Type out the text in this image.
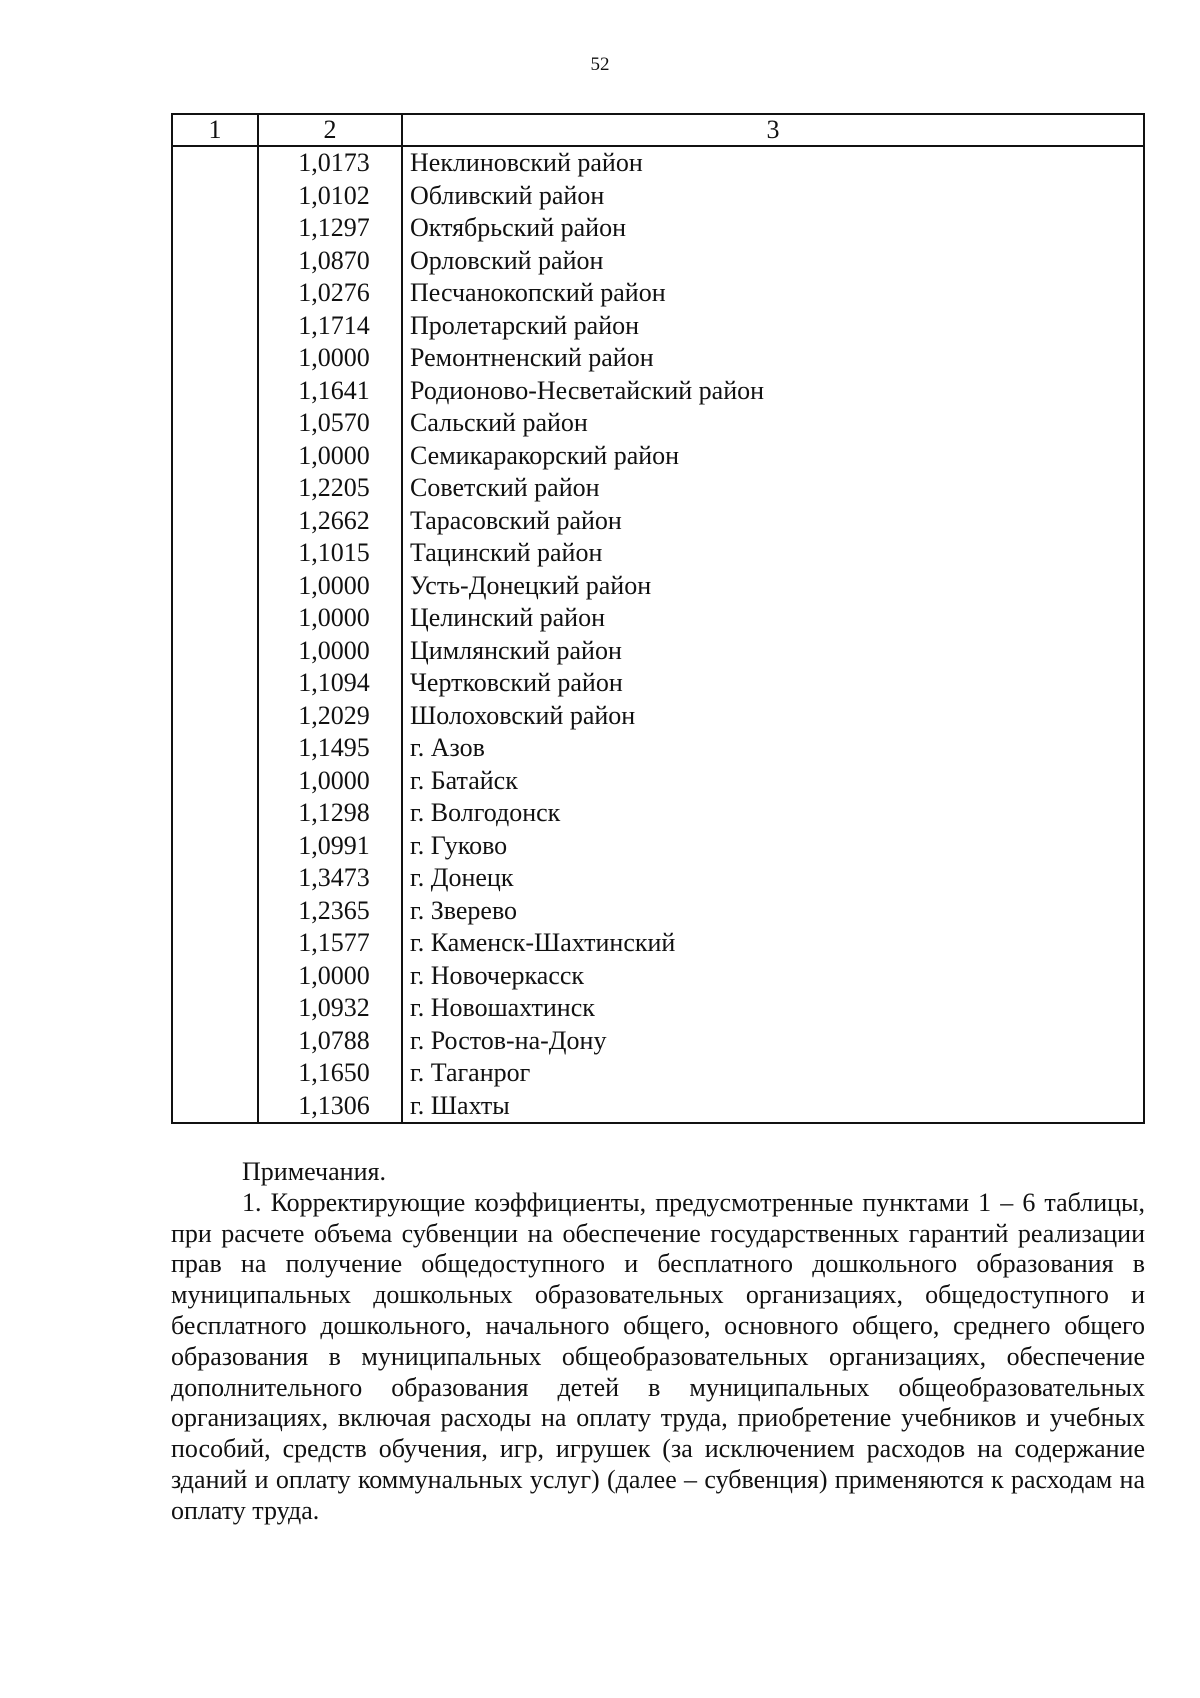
52
1	2	3
	1,0173	Неклиновский район
	1,0102	Обливский район
	1,1297	Октябрьский район
	1,0870	Орловский район
	1,0276	Песчанокопский район
	1,1714	Пролетарский район
	1,0000	Ремонтненский район
	1,1641	Родионово-Несветайский район
	1,0570	Сальский район
	1,0000	Семикаракорский район
	1,2205	Советский район
	1,2662	Тарасовский район
	1,1015	Тацинский район
	1,0000	Усть-Донецкий район
	1,0000	Целинский район
	1,0000	Цимлянский район
	1,1094	Чертковский район
	1,2029	Шолоховский район
	1,1495	г. Азов
	1,0000	г. Батайск
	1,1298	г. Волгодонск
	1,0991	г. Гуково
	1,3473	г. Донецк
	1,2365	г. Зверево
	1,1577	г. Каменск-Шахтинский
	1,0000	г. Новочеркасск
	1,0932	г. Новошахтинск
	1,0788	г. Ростов-на-Дону
	1,1650	г. Таганрог
	1,1306	г. Шахты

Примечания.

1. Корректирующие коэффициенты, предусмотренные пунктами 1 – 6 таблицы, при расчете объема субвенции на обеспечение государственных гарантий реализации прав на получение общедоступного и бесплатного дошкольного образования в муниципальных дошкольных образовательных организациях, общедоступного и бесплатного дошкольного, начального общего, основного общего, среднего общего образования в муниципальных общеобразовательных организациях, обеспечение дополнительного образования детей в муниципальных общеобразовательных организациях, включая расходы на оплату труда, приобретение учебников и учебных пособий, средств обучения, игр, игрушек (за исключением расходов на содержание зданий и оплату коммунальных услуг) (далее – субвенция) применяются к расходам на оплату труда.
